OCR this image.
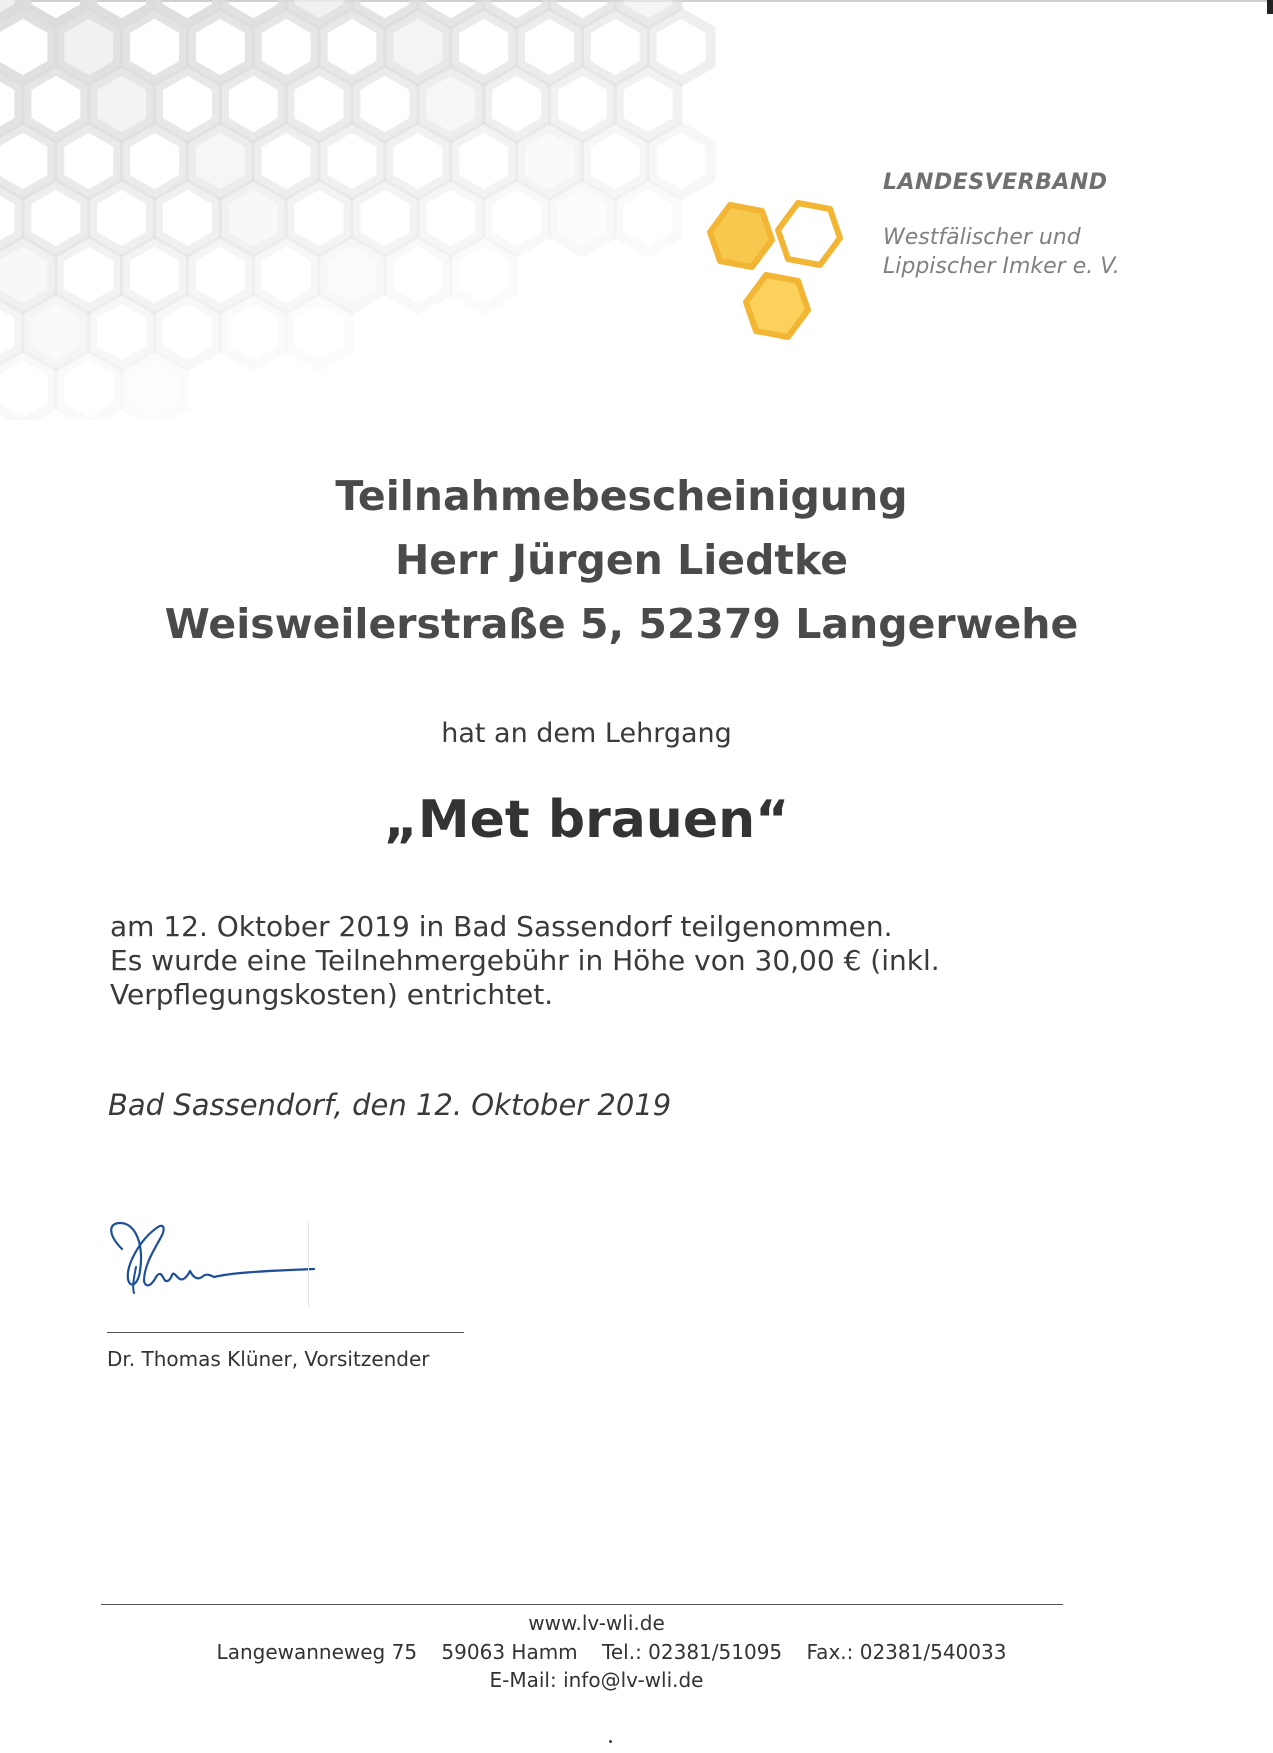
LANDESVERBAND
Westfälischer und
Lippischer Imker e. V.
Teilnahmebescheinigung
Herr Jürgen Liedtke
Weisweilerstraße 5, 52379 Langerwehe
hat an dem Lehrgang
„Met brauen“
am 12. Oktober 2019 in Bad Sassendorf teilgenommen.
Es wurde eine Teilnehmergebühr in Höhe von 30,00 € (inkl.
Verpflegungskosten) entrichtet.
Bad Sassendorf, den 12. Oktober 2019
Dr. Thomas Klüner, Vorsitzender
www.lv-wli.de
Langewanneweg 75 59063 Hamm Tel.: 02381/51095 Fax.: 02381/540033
E-Mail: info@lv-wli.de
